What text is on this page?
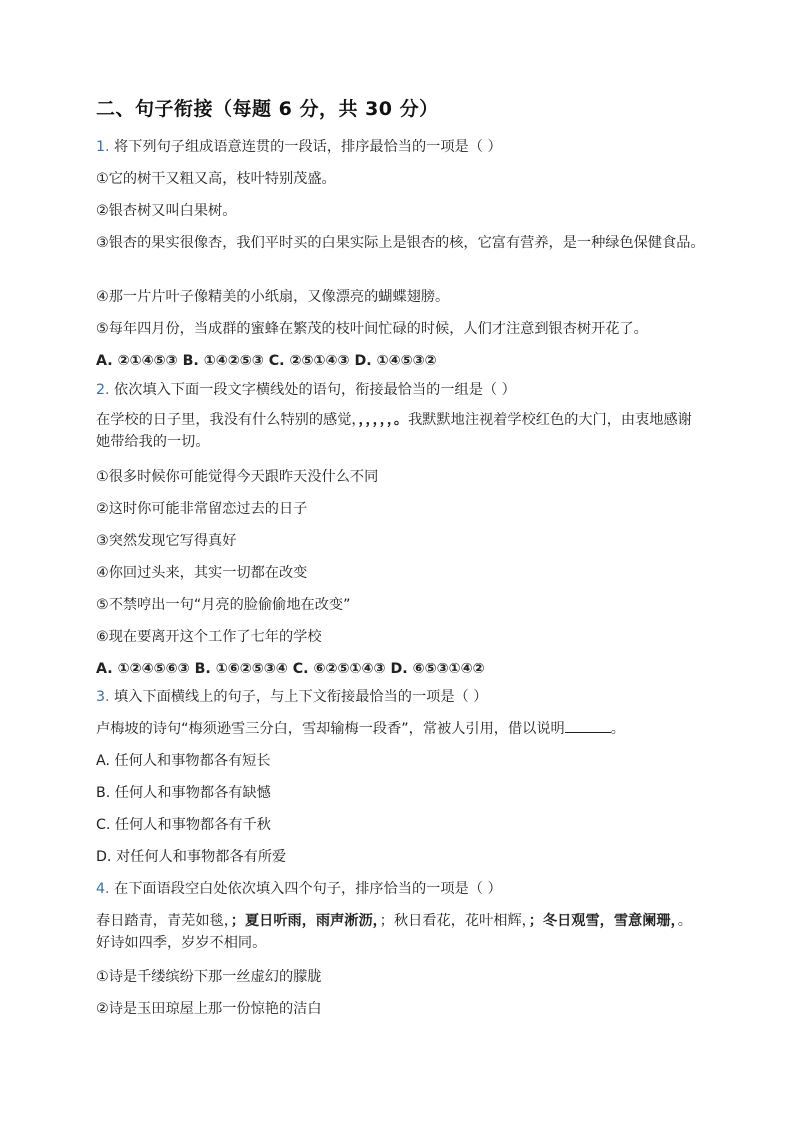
二、句子衔接（每题 6 分，共 30 分）
1. 将下列句子组成语意连贯的一段话，排序最恰当的一项是（ ）
①它的树干又粗又高，枝叶特别茂盛。
②银杏树又叫白果树。
③银杏的果实很像杏，我们平时买的白果实际上是银杏的核，它富有营养，是一种绿色保健食品。
④那一片片叶子像精美的小纸扇，又像漂亮的蝴蝶翅膀。
⑤每年四月份，当成群的蜜蜂在繁茂的枝叶间忙碌的时候，人们才注意到银杏树开花了。
A. ②①④⑤③ B. ①④②⑤③ C. ②⑤①④③ D. ①④⑤③②
2. 依次填入下面一段文字横线处的语句，衔接最恰当的一组是（ ）
在学校的日子里，我没有什么特别的感觉，，，，，，。我默默地注视着学校红色的大门，由衷地感谢她带给我的一切。
①很多时候你可能觉得今天跟昨天没什么不同
②这时你可能非常留恋过去的日子
③突然发现它写得真好
④你回过头来，其实一切都在改变
⑤不禁哼出一句“月亮的脸偷偷地在改变”
⑥现在要离开这个工作了七年的学校
A. ①②④⑤⑥③ B. ①⑥②⑤③④ C. ⑥②⑤①④③ D. ⑥⑤③①④②
3. 填入下面横线上的句子，与上下文衔接最恰当的一项是（ ）
卢梅坡的诗句“梅须逊雪三分白，雪却输梅一段香”，常被人引用，借以说明	。
A. 任何人和事物都各有短长
B. 任何人和事物都各有缺憾
C. 任何人和事物都各有千秋
D. 对任何人和事物都各有所爱
4. 在下面语段空白处依次填入四个句子，排序恰当的一项是（ ）
春日踏青，青芜如毯，；夏日听雨，雨声淅沥，；秋日看花，花叶相辉，；冬日观雪，雪意阑珊，。好诗如四季，岁岁不相同。
①诗是千缕缤纷下那一丝虚幻的朦胧
②诗是玉田琼屋上那一份惊艳的洁白
